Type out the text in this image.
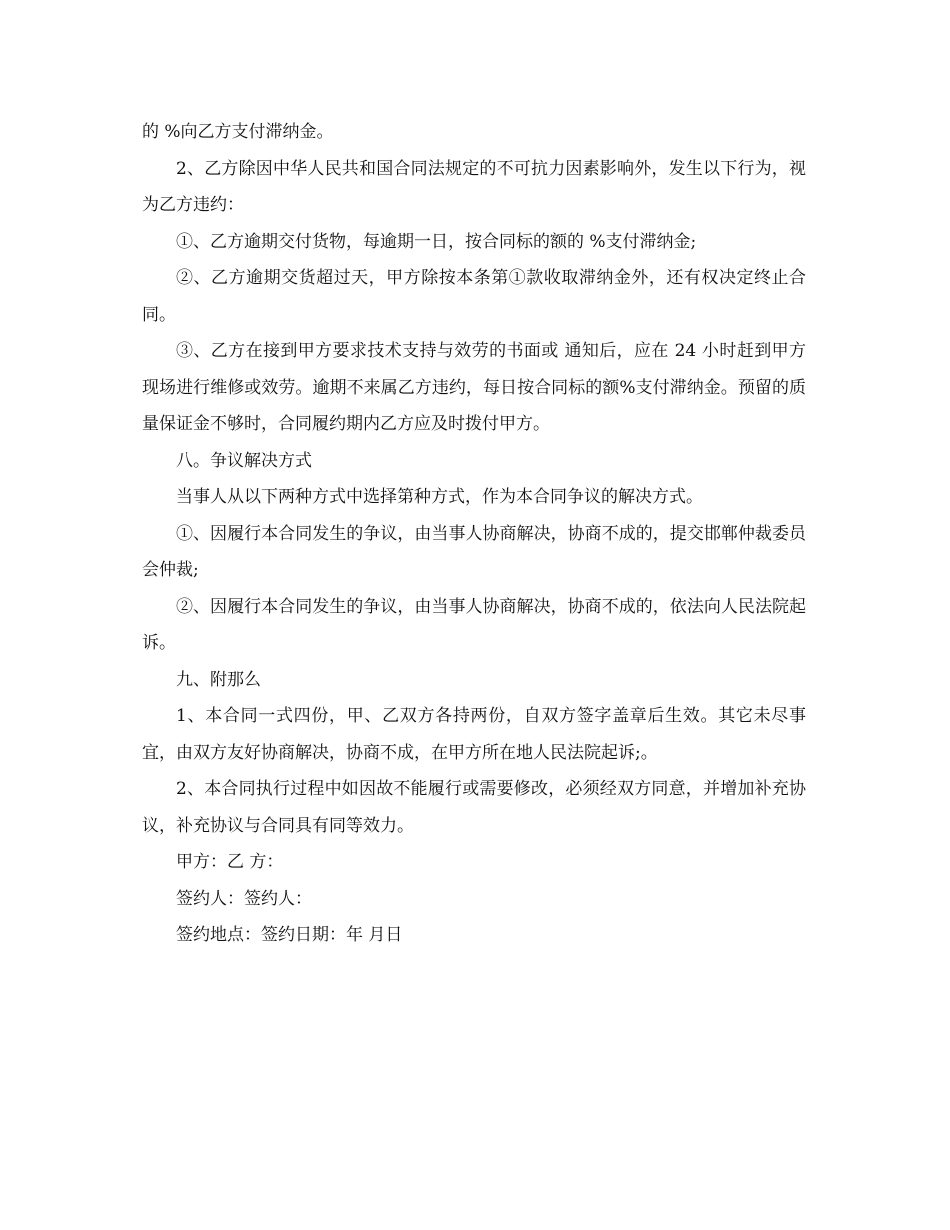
的 %向乙方支付滞纳金。

2、乙方除因中华人民共和国合同法规定的不可抗力因素影响外，发生以下行为，视为乙方违约：

①、乙方逾期交付货物，每逾期一日，按合同标的额的 %支付滞纳金;

②、乙方逾期交货超过天，甲方除按本条第①款收取滞纳金外，还有权决定终止合同。

③、乙方在接到甲方要求技术支持与效劳的书面或 通知后，应在 24 小时赶到甲方现场进行维修或效劳。逾期不来属乙方违约，每日按合同标的额%支付滞纳金。预留的质量保证金不够时，合同履约期内乙方应及时拨付甲方。

八。争议解决方式

当事人从以下两种方式中选择第种方式，作为本合同争议的解决方式。

①、因履行本合同发生的争议，由当事人协商解决，协商不成的，提交邯郸仲裁委员会仲裁;

②、因履行本合同发生的争议，由当事人协商解决，协商不成的，依法向人民法院起诉。

九、附那么

1、本合同一式四份，甲、乙双方各持两份，自双方签字盖章后生效。其它未尽事宜，由双方友好协商解决，协商不成，在甲方所在地人民法院起诉;。

2、本合同执行过程中如因故不能履行或需要修改，必须经双方同意，并增加补充协议，补充协议与合同具有同等效力。

甲方：乙 方：

签约人：签约人：

签约地点：签约日期：年 月日
